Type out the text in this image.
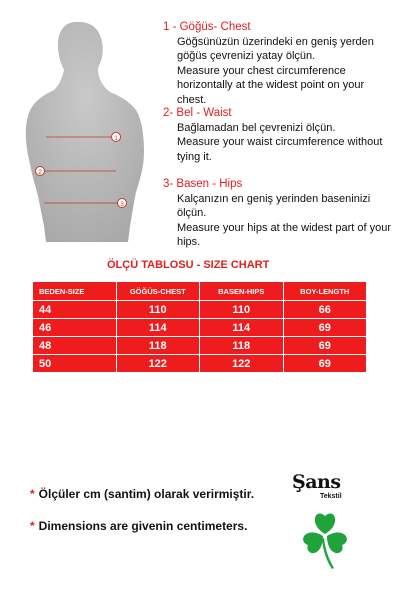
1
2
3
1 - Göğüs- Chest
Göğsünüzün üzerindeki en geniş yerden göğüs çevrenizi yatay ölçün.
Measure your chest circumference horizontally at the widest point on your chest.
2- Bel - Waist
Bağlamadan bel çevrenizi ölçün.
Measure your waist circumference without tying it.
3- Basen - Hips
Kalçanızın en geniş yerinden baseninizi ölçün.
Measure your hips at the widest part of your hips.
ÖLÇÜ TABLOSU - SIZE CHART
BEDEN-SIZE	GÖĞÜS-CHEST	BASEN-HIPS	BOY-LENGTH
44	110	110	66
46	114	114	69
48	118	118	69
50	122	122	69
* Ölçüler cm (santim) olarak verirmiştir.
* Dimensions are givenin centimeters.
Şans
Tekstil
